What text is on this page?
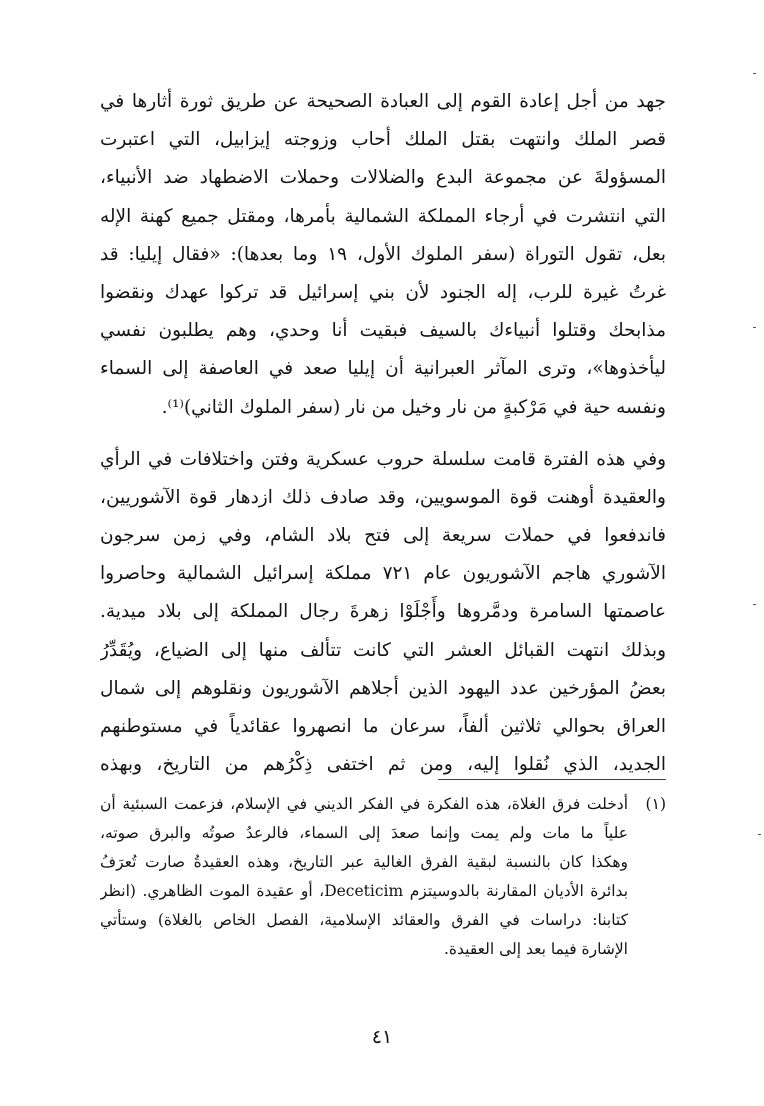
جهد من أجل إعادة القوم إلى العبادة الصحيحة عن طريق ثورة أثارها في
قصر الملك وانتهت بقتل الملك أحاب وزوجته إيزابيل، التي اعتبرت
المسؤولةَ عن مجموعة البدع والضلالات وحملات الاضطهاد ضد الأنبياء،
التي انتشرت في أرجاء المملكة الشمالية بأمرها، ومقتل جميع كهنة الإله
بعل، تقول التوراة (سفر الملوك الأول، ١٩ وما بعدها): «فقال إيليا: قد
غرتُ غيرة للرب، إله الجنود لأن بني إسرائيل قد تركوا عهدك ونقضوا
مذابحك وقتلوا أنبياءك بالسيف فبقيت أنا وحدي، وهم يطلبون نفسي
ليأخذوها»، وترى المآثر العبرانية أن إيليا صعد في العاصفة إلى السماء
ونفسه حية في مَرْكبةٍ من نار وخيل من نار (سفر الملوك الثاني)⁽¹⁾.
وفي هذه الفترة قامت سلسلة حروب عسكرية وفتن واختلافات في الرأي
والعقيدة أوهنت قوة الموسويين، وقد صادف ذلك ازدهار قوة الآشوريين،
فاندفعوا في حملات سريعة إلى فتح بلاد الشام، وفي زمن سرجون
الآشوري هاجم الآشوريون عام ٧٢١ مملكة إسرائيل الشمالية وحاصروا
عاصمتها السامرة ودمَّروها وأَجْلَوْا زهرةَ رجال المملكة إلى بلاد ميدية.
وبذلك انتهت القبائل العشر التي كانت تتألف منها إلى الضياع، ويُقَدِّرُ
بعضُ المؤرخين عدد اليهود الذين أجلاهم الآشوريون ونقلوهم إلى شمال
العراق بحوالي ثلاثين ألفاً، سرعان ما انصهروا عقائدياً في مستوطنهم
الجديد، الذي نُقلوا إليه، ومن ثم اختفى ذِكْرُهم من التاريخ، وبهذه
(١)
أدخلت فرق الغلاة، هذه الفكرة في الفكر الديني في الإسلام، فزعمت السبئية أن
علياً ما مات ولم يمت وإنما صعدَ إلى السماء، فالرعدُ صوتُه والبرق صوته،
وهكذا كان بالنسبة لبقية الفرق الغالية عبر التاريخ، وهذه العقيدةُ صارت تُعرَفُ
بدائرة الأديان المقارنة بالدوسيتزم Deceticim، أو عقيدة الموت الظاهري. (انظر
كتابنا: دراسات في الفرق والعقائد الإسلامية، الفصل الخاص بالغلاة) وستأتي
الإشارة فيما بعد إلى العقيدة.
٤١
